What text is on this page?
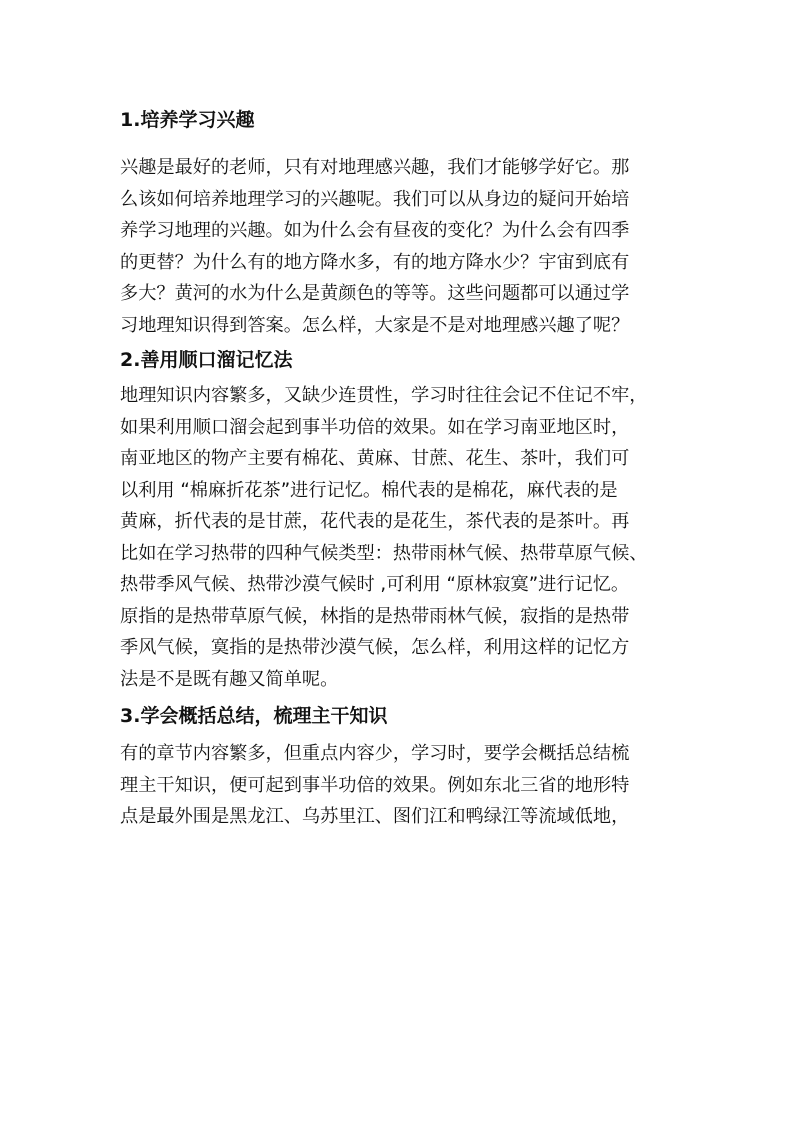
1.培养学习兴趣
兴趣是最好的老师，只有对地理感兴趣，我们才能够学好它。那
么该如何培养地理学习的兴趣呢。我们可以从身边的疑问开始培
养学习地理的兴趣。如为什么会有昼夜的变化？为什么会有四季
的更替？为什么有的地方降水多，有的地方降水少？宇宙到底有
多大？黄河的水为什么是黄颜色的等等。这些问题都可以通过学
习地理知识得到答案。怎么样，大家是不是对地理感兴趣了呢？
2.善用顺口溜记忆法
地理知识内容繁多，又缺少连贯性，学习时往往会记不住记不牢，
如果利用顺口溜会起到事半功倍的效果。如在学习南亚地区时，
南亚地区的物产主要有棉花、黄麻、甘蔗、花生、茶叶，我们可
以利用 “棉麻折花茶”进行记忆。棉代表的是棉花，麻代表的是
黄麻，折代表的是甘蔗，花代表的是花生，茶代表的是茶叶。再
比如在学习热带的四种气候类型：热带雨林气候、热带草原气候、
热带季风气候、热带沙漠气候时 ,可利用 “原林寂寞”进行记忆。
原指的是热带草原气候，林指的是热带雨林气候，寂指的是热带
季风气候，寞指的是热带沙漠气候，怎么样，利用这样的记忆方
法是不是既有趣又简单呢。
3.学会概括总结，梳理主干知识
有的章节内容繁多，但重点内容少，学习时，要学会概括总结梳
理主干知识，便可起到事半功倍的效果。例如东北三省的地形特
点是最外围是黑龙江、乌苏里江、图们江和鸭绿江等流域低地，
